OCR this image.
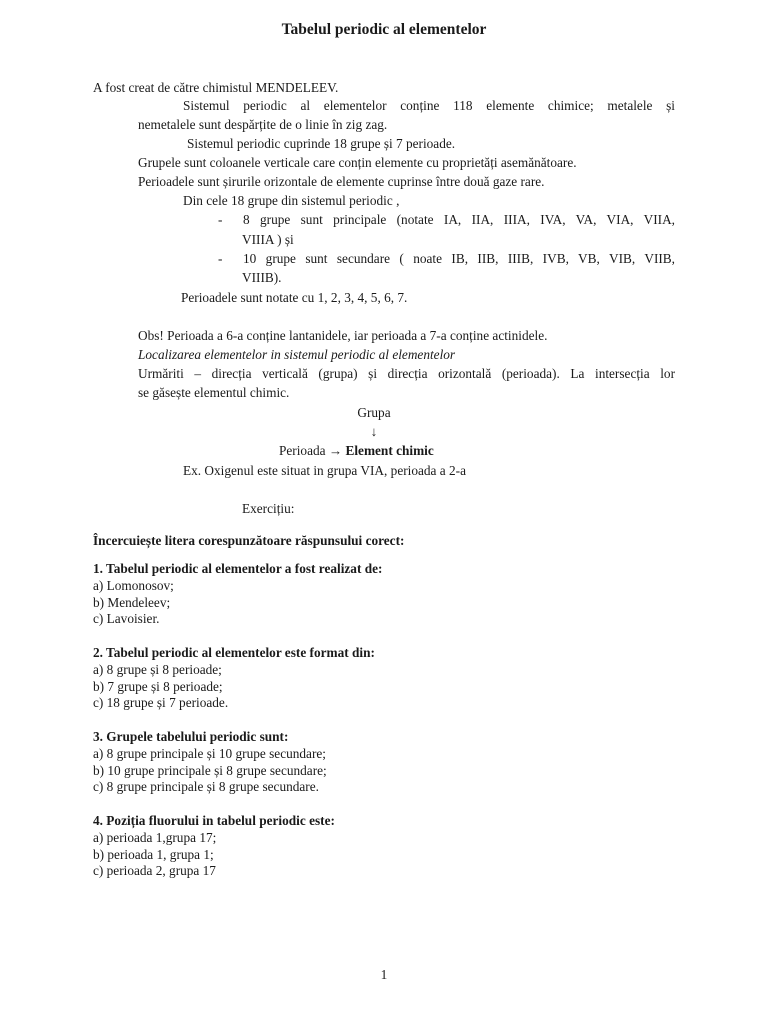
Tabelul periodic al elementelor
A fost creat de către chimistul MENDELEEV.
Sistemul periodic al elementelor conține 118 elemente chimice; metalele și
nemetalele sunt despărțite de o linie în zig zag.
Sistemul periodic cuprinde 18 grupe și 7 perioade.
Grupele sunt coloanele verticale care conțin elemente cu proprietăți asemănătoare.
Perioadele sunt șirurile orizontale de elemente cuprinse între două gaze rare.
Din cele 18 grupe din sistemul periodic ,
- 8 grupe sunt principale (notate IA, IIA, IIIA, IVA, VA, VIA, VIIA,
VIIIA ) și
- 10 grupe sunt secundare ( noate IB, IIB, IIIB, IVB, VB, VIB, VIIB,
VIIIB).
Perioadele sunt notate cu 1, 2, 3, 4, 5, 6, 7.
Obs! Perioada a 6-a conține lantanidele, iar perioada a 7-a conține actinidele.
Localizarea elementelor in sistemul periodic al elementelor
Urmăriti – direcția verticală (grupa) și direcția orizontală (perioada). La intersecția lor
se găsește elementul chimic.
Grupa
↓
Perioada → Element chimic
Ex. Oxigenul este situat in grupa VIA, perioada a 2-a
Exercițiu:
Încercuiește litera corespunzătoare răspunsului corect:
1. Tabelul periodic al elementelor a fost realizat de:
a) Lomonosov;
b) Mendeleev;
c) Lavoisier.
2. Tabelul periodic al elementelor este format din:
a) 8 grupe și 8 perioade;
b) 7 grupe și 8 perioade;
c) 18 grupe și 7 perioade.
3. Grupele tabelului periodic sunt:
a) 8 grupe principale și 10 grupe secundare;
b) 10 grupe principale și 8 grupe secundare;
c) 8 grupe principale și 8 grupe secundare.
4. Poziția fluorului in tabelul periodic este:
a) perioada 1,grupa 17;
b) perioada 1, grupa 1;
c) perioada 2, grupa 17
1
